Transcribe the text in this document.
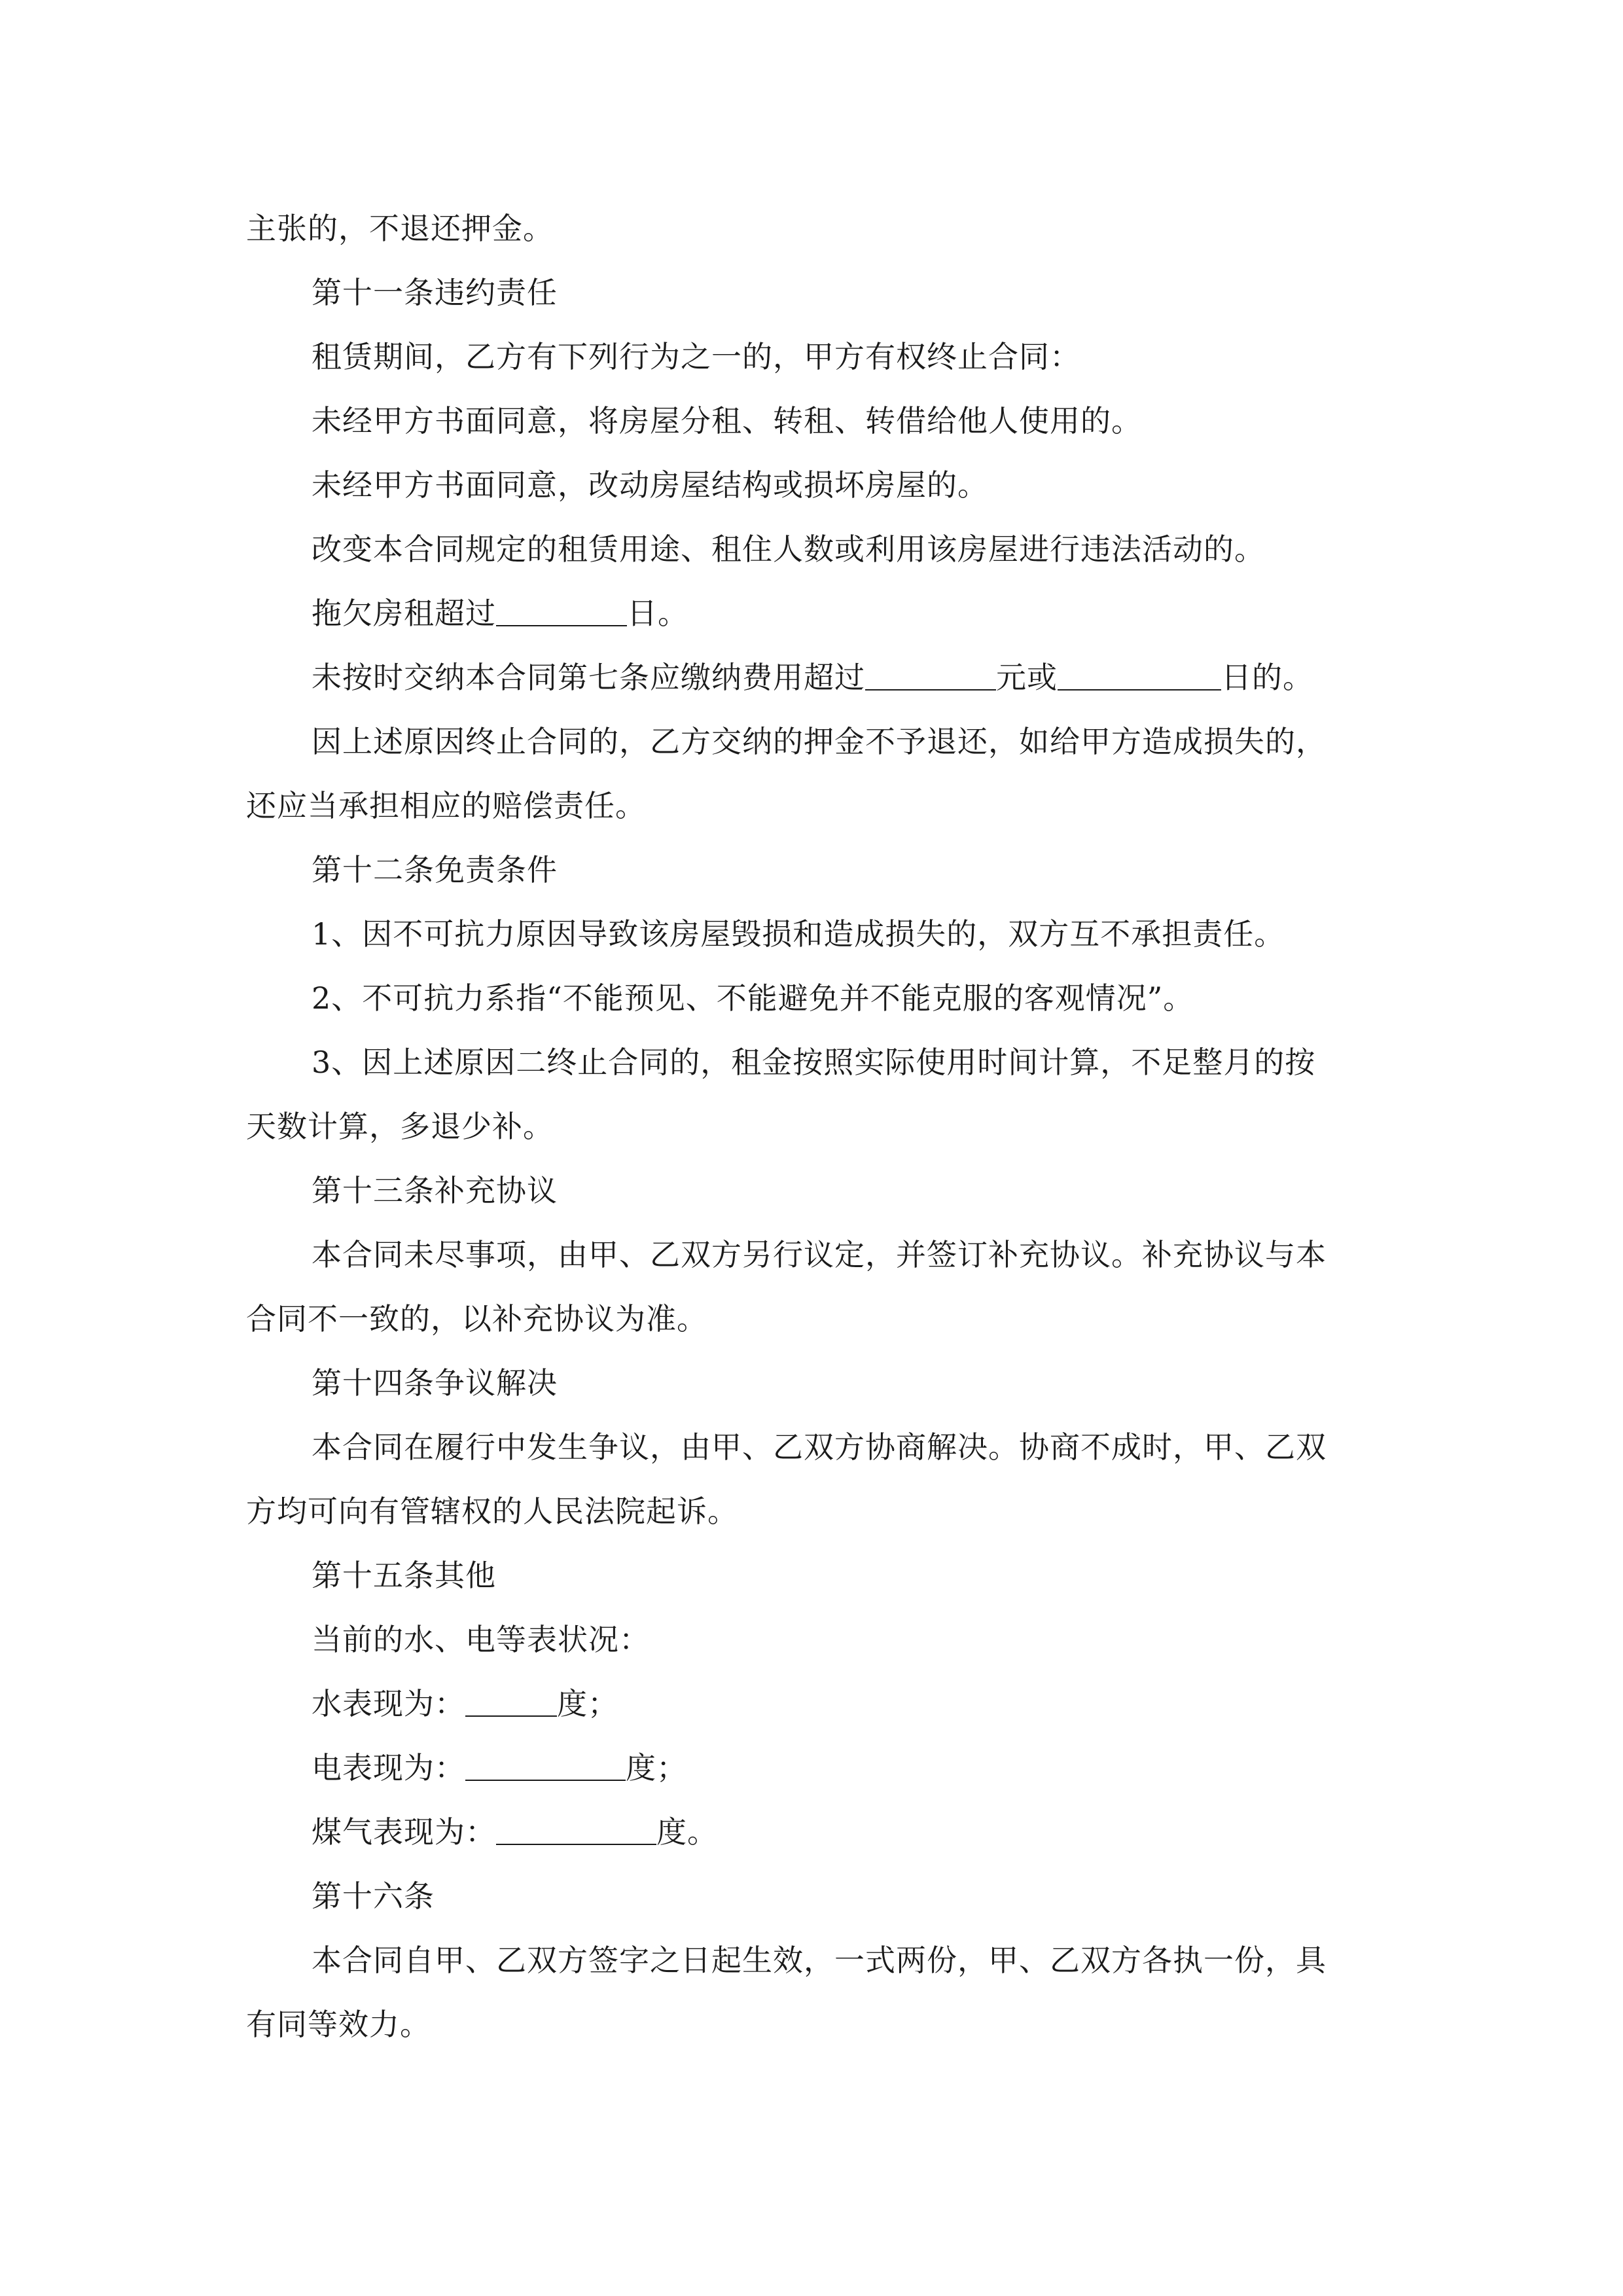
主张的，不退还押金。
第十一条违约责任
租赁期间，乙方有下列行为之一的，甲方有权终止合同：
未经甲方书面同意，将房屋分租、转租、转借给他人使用的。
未经甲方书面同意，改动房屋结构或损坏房屋的。
改变本合同规定的租赁用途、租住人数或利用该房屋进行违法活动的。
拖欠房租超过	日。
未按时交纳本合同第七条应缴纳费用超过	元或	日的。
因上述原因终止合同的，乙方交纳的押金不予退还，如给甲方造成损失的，
还应当承担相应的赔偿责任。
第十二条免责条件
1、因不可抗力原因导致该房屋毁损和造成损失的，双方互不承担责任。
2、不可抗力系指“不能预见、不能避免并不能克服的客观情况”。
3、因上述原因二终止合同的，租金按照实际使用时间计算，不足整月的按
天数计算，多退少补。
第十三条补充协议
本合同未尽事项，由甲、乙双方另行议定，并签订补充协议。补充协议与本
合同不一致的，以补充协议为准。
第十四条争议解决
本合同在履行中发生争议，由甲、乙双方协商解决。协商不成时，甲、乙双
方均可向有管辖权的人民法院起诉。
第十五条其他
当前的水、电等表状况：
水表现为：	度；
电表现为：	度；
煤气表现为：	度。
第十六条
本合同自甲、乙双方签字之日起生效，一式两份，甲、乙双方各执一份，具
有同等效力。
